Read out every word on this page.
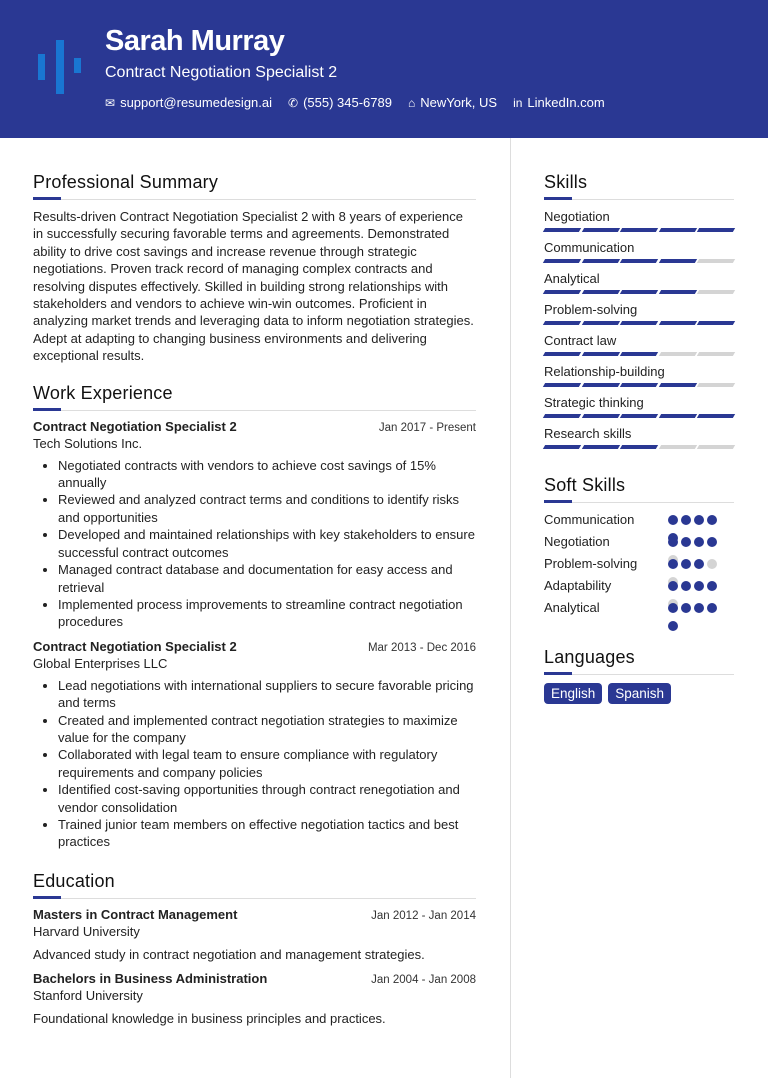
Sarah Murray
Contract Negotiation Specialist 2
✉ support@resumedesign.ai ✆ (555) 345-6789 ⌂ NewYork, US in LinkedIn.com
Professional Summary

Results-driven Contract Negotiation Specialist 2 with 8 years of experience in successfully securing favorable terms and agreements. Demonstrated ability to drive cost savings and increase revenue through strategic negotiations. Proven track record of managing complex contracts and resolving disputes effectively. Skilled in building strong relationships with stakeholders and vendors to achieve win-win outcomes. Proficient in analyzing market trends and leveraging data to inform negotiation strategies. Adept at adapting to changing business environments and delivering exceptional results.

Work Experience
Contract Negotiation Specialist 2	Jan 2017 - Present
Tech Solutions Inc.
• Negotiated contracts with vendors to achieve cost savings of 15% annually
• Reviewed and analyzed contract terms and conditions to identify risks and opportunities
• Developed and maintained relationships with key stakeholders to ensure successful contract outcomes
• Managed contract database and documentation for easy access and retrieval
• Implemented process improvements to streamline contract negotiation procedures
Contract Negotiation Specialist 2	Mar 2013 - Dec 2016
Global Enterprises LLC
• Lead negotiations with international suppliers to secure favorable pricing and terms
• Created and implemented contract negotiation strategies to maximize value for the company
• Collaborated with legal team to ensure compliance with regulatory requirements and company policies
• Identified cost-saving opportunities through contract renegotiation and vendor consolidation
• Trained junior team members on effective negotiation tactics and best practices
Education
Masters in Contract Management	Jan 2012 - Jan 2014
Harvard University
Advanced study in contract negotiation and management strategies.
Bachelors in Business Administration	Jan 2004 - Jan 2008
Stanford University
Foundational knowledge in business principles and practices.
Skills
Negotiation
Communication
Analytical
Problem-solving
Contract law
Relationship-building
Strategic thinking
Research skills
Soft Skills
Communication
Negotiation
Problem-solving
Adaptability
Analytical
Languages
English	Spanish
